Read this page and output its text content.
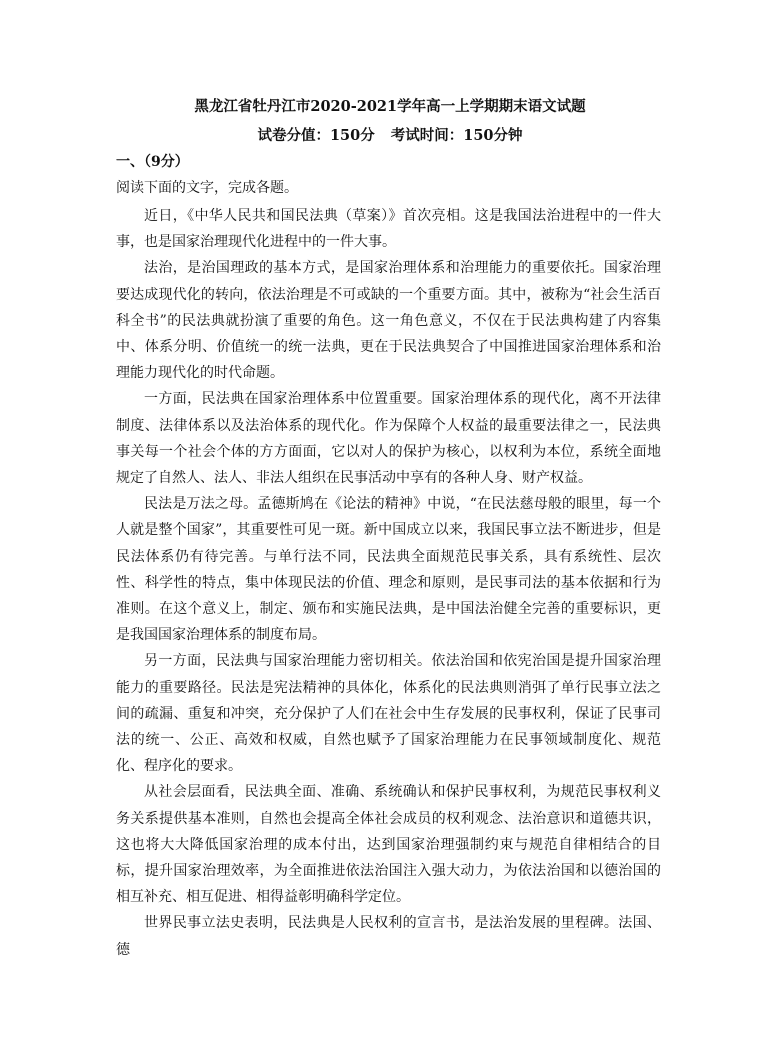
黑龙江省牡丹江市2020-2021学年高一上学期期末语文试题
试卷分值：150分 考试时间：150分钟
一、（9分）
阅读下面的文字，完成各题。

近日，《中华人民共和国民法典（草案）》首次亮相。这是我国法治进程中的一件大事，也是国家治理现代化进程中的一件大事。

法治，是治国理政的基本方式，是国家治理体系和治理能力的重要依托。国家治理要达成现代化的转向，依法治理是不可或缺的一个重要方面。其中，被称为“社会生活百科全书”的民法典就扮演了重要的角色。这一角色意义，不仅在于民法典构建了内容集中、体系分明、价值统一的统一法典，更在于民法典契合了中国推进国家治理体系和治理能力现代化的时代命题。

一方面，民法典在国家治理体系中位置重要。国家治理体系的现代化，离不开法律制度、法律体系以及法治体系的现代化。作为保障个人权益的最重要法律之一，民法典事关每一个社会个体的方方面面，它以对人的保护为核心，以权利为本位，系统全面地规定了自然人、法人、非法人组织在民事活动中享有的各种人身、财产权益。

民法是万法之母。孟德斯鸠在《论法的精神》中说，“在民法慈母般的眼里，每一个人就是整个国家”，其重要性可见一斑。新中国成立以来，我国民事立法不断进步，但是民法体系仍有待完善。与单行法不同，民法典全面规范民事关系，具有系统性、层次性、科学性的特点，集中体现民法的价值、理念和原则，是民事司法的基本依据和行为准则。在这个意义上，制定、颁布和实施民法典，是中国法治健全完善的重要标识，更是我国国家治理体系的制度布局。

另一方面，民法典与国家治理能力密切相关。依法治国和依宪治国是提升国家治理能力的重要路径。民法是宪法精神的具体化，体系化的民法典则消弭了单行民事立法之间的疏漏、重复和冲突，充分保护了人们在社会中生存发展的民事权利，保证了民事司法的统一、公正、高效和权威，自然也赋予了国家治理能力在民事领域制度化、规范化、程序化的要求。

从社会层面看，民法典全面、准确、系统确认和保护民事权利，为规范民事权利义务关系提供基本准则，自然也会提高全体社会成员的权利观念、法治意识和道德共识，这也将大大降低国家治理的成本付出，达到国家治理强制约束与规范自律相结合的目标，提升国家治理效率，为全面推进依法治国注入强大动力，为依法治国和以德治国的相互补充、相互促进、相得益彰明确科学定位。

世界民事立法史表明，民法典是人民权利的宣言书，是法治发展的里程碑。法国、德
